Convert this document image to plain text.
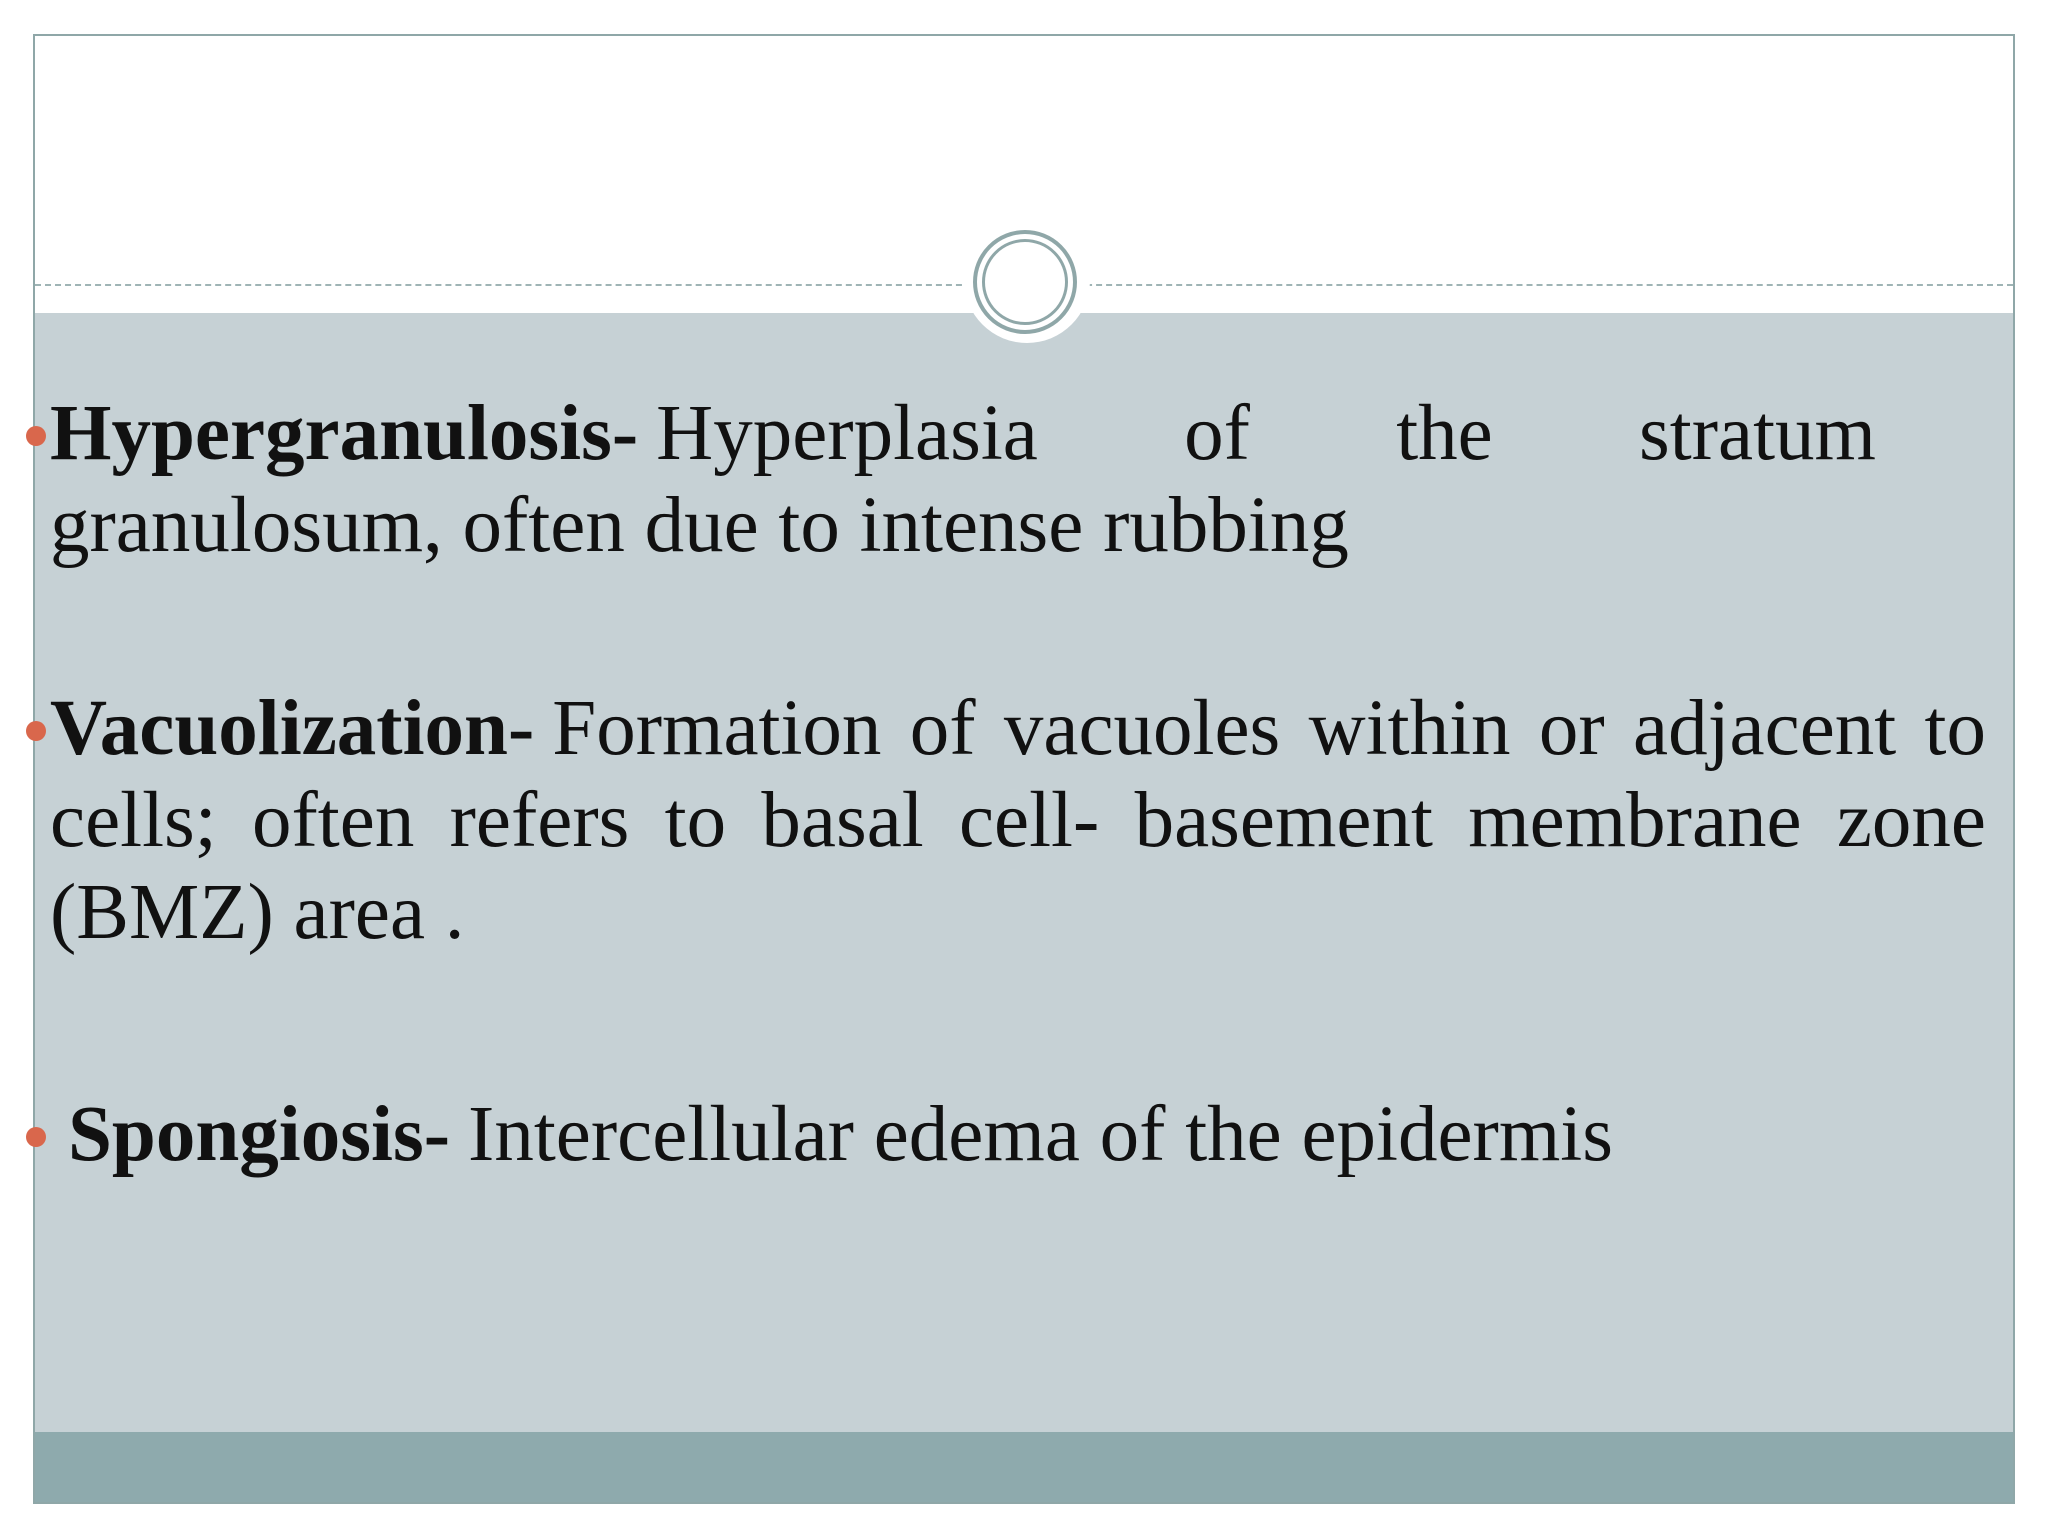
Hypergranulosis- Hyperplasia of the stratum granulosum, often due to intense rubbing
Vacuolization- Formation of vacuoles within or adjacent to cells; often refers to basal cell- basement membrane zone (BMZ) area .
Spongiosis- Intercellular edema of the epidermis
